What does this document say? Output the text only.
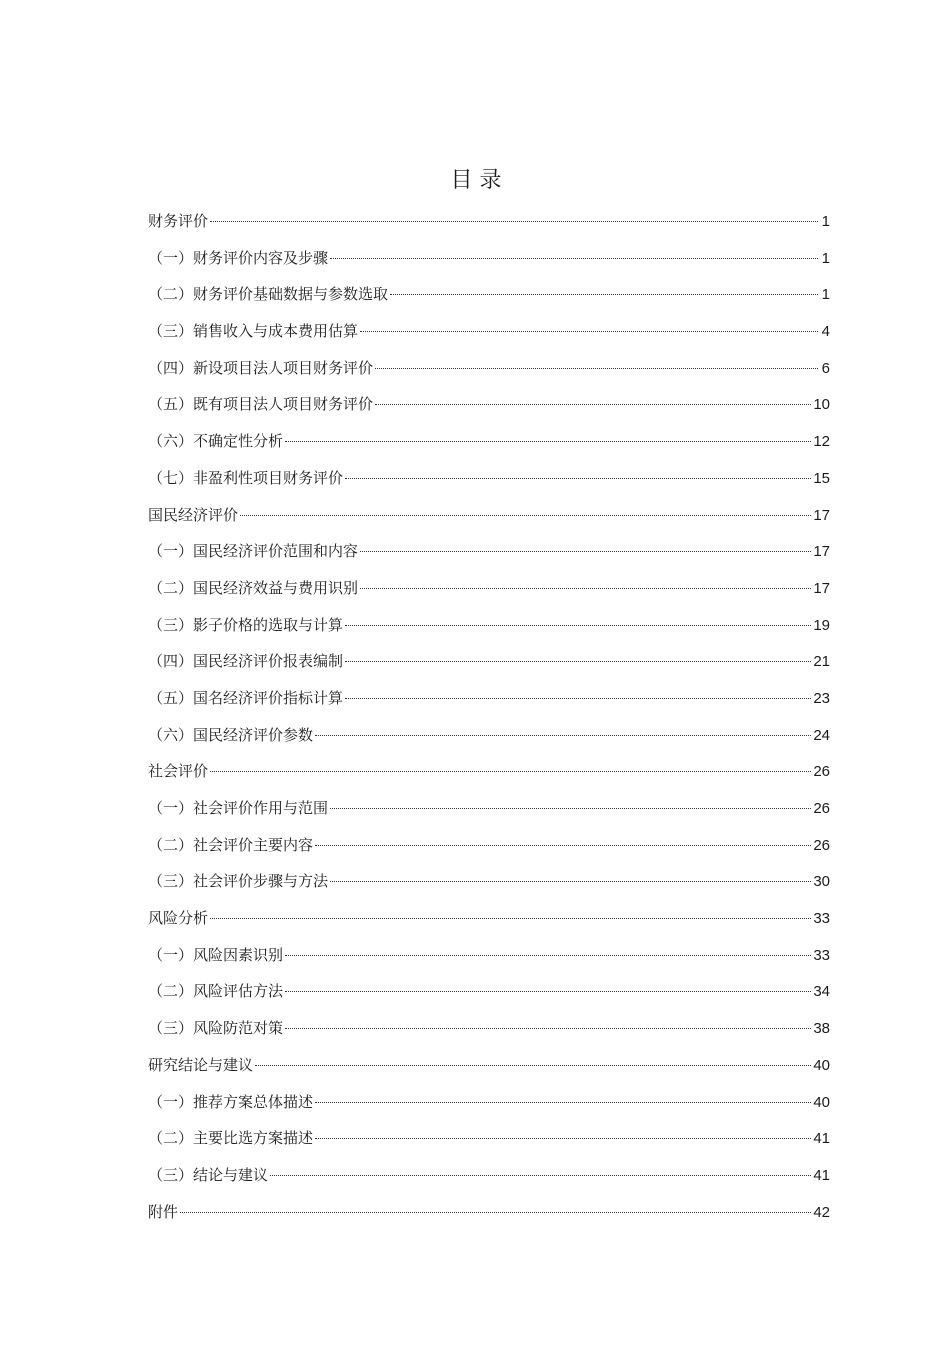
目 录
财务评价	1
（一）财务评价内容及步骤	1
（二）财务评价基础数据与参数选取	1
（三）销售收入与成本费用估算	4
（四）新设项目法人项目财务评价	6
（五）既有项目法人项目财务评价	10
（六）不确定性分析	12
（七）非盈利性项目财务评价	15
国民经济评价	17
（一）国民经济评价范围和内容	17
（二）国民经济效益与费用识别	17
（三）影子价格的选取与计算	19
（四）国民经济评价报表编制	21
（五）国名经济评价指标计算	23
（六）国民经济评价参数	24
社会评价	26
（一）社会评价作用与范围	26
（二）社会评价主要内容	26
（三）社会评价步骤与方法	30
风险分析	33
（一）风险因素识别	33
（二）风险评估方法	34
（三）风险防范对策	38
研究结论与建议	40
（一）推荐方案总体描述	40
（二）主要比选方案描述	41
（三）结论与建议	41
附件	42
